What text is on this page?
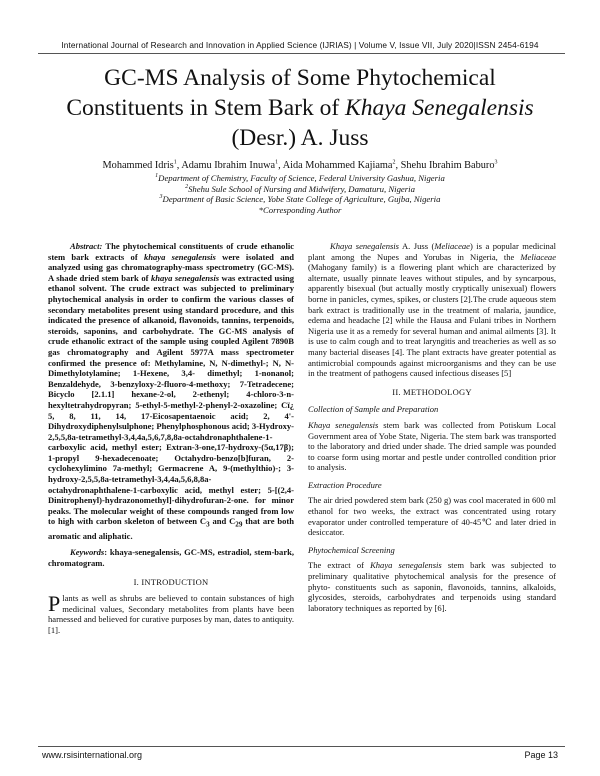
International Journal of Research and Innovation in Applied Science (IJRIAS) | Volume V, Issue VII, July 2020|ISSN 2454-6194
GC-MS Analysis of Some Phytochemical
Constituents in Stem Bark of Khaya Senegalensis
(Desr.) A. Juss
Mohammed Idris$^1$, Adamu Ibrahim Inuwa$^1$, Aida Mohammed Kajiama$^2$, Shehu Ibrahim Baburo$^3$
$^1$Department of Chemistry, Faculty of Science, Federal University Gashua, Nigeria
$^2$Shehu Sule School of Nursing and Midwifery, Damaturu, Nigeria
$^3$Department of Basic Science, Yobe State College of Agriculture, Gujba, Nigeria
*Corresponding Author

Abstract: The phytochemical constituents of crude ethanolic stem bark extracts of khaya senegalensis were isolated and analyzed using gas chromatography-mass spectrometry (GC-MS). A shade dried stem bark of khaya senegalensis was extracted using ethanol solvent. The crude extract was subjected to preliminary phytochemical analysis in order to confirm the various classes of secondary metabolites present using standard procedure, and this indicated the presence of alkanoid, flavonoids, tannins, terpenoids, steroids, saponins, and carbohydrate. The GC-MS analysis of crude ethanolic extract of the sample using coupled Agilent 7890B gas chromatography and Agilent 5977A mass spectrometer confirmed the presence of: Methylamine, N, N-dimethyl-; N, N-Dimethylotylamine; 1-Hexene, 3,4- dimethyl; 1-nonanol; Benzaldehyde, 3-benzyloxy-2-fluoro-4-methoxy; 7-Tetradecene; Bicyclo [2.1.1] hexane-2-ol, 2-ethenyl; 4-chloro-3-n-hexyltetrahydropyran; 5-ethyl-5-methyl-2-phenyl-2-oxazoline; Cï¿ 5, 8, 11, 14, 17-Eicosapentaenoic acid; 2, 4'-Dihydroxydiphenylsulphone; Phenylphosphonous acid; 3-Hydroxy-2,5,5,8a-tetramethyl-3,4,4a,5,6,7,8,8a-octahdronaphthalene-1-carboxylic acid, methyl ester; Extran-3-one,17-hydroxy-(5α,17β); 1-propyl 9-hexadecenoate; Octahydro-benzo[b]furan, 2-cyclohexylimino 7a-methyl; Germacrene A, 9-(methylthio)-; 3-hydroxy-2,5,5,8a-tetramethyl-3,4,4a,5,6,8,8a-octahydronaphthalene-1-carboxylic acid, methyl ester; 5-[(2,4-Dinitrophenyl)-hydrazonomethyl]-dihydrofuran-2-one. for minor peaks. The molecular weight of these compounds ranged from low to high with carbon skeleton of between $C_3$ and $C_{29}$ that are both aromatic and aliphatic.

Keywords: khaya-senegalensis, GC-MS, estradiol, stem-bark, chromatogram.

I. INTRODUCTION

Plants as well as shrubs are believed to contain substances of high medicinal values, Secondary metabolites from plants have been harnessed and believed for curative purposes by man, dates to antiquity. [1].

Khaya senegalensis A. Juss (Meliaceae) is a popular medicinal plant among the Nupes and Yorubas in Nigeria, the Meliaceae (Mahogany family) is a flowering plant which are characterized by alternate, usually pinnate leaves without stipules, and by syncarpous, apparently bisexual (but actually mostly cryptically unisexual) flowers borne in panicles, cymes, spikes, or clusters [2].The crude aqueous stem bark extract is traditionally use in the treatment of malaria, jaundice, edema and headache [2] while the Hausa and Fulani tribes in Northern Nigeria use it as a remedy for several human and animal ailments [3]. It is use to calm cough and to treat laryngitis and treacheries as well as so many bacterial diseases [4]. The plant extracts have greater potential as antimicrobial compounds against microorganisms and they can be use in the treatment of pathogens caused infectious diseases [5]

II. METHODOLOGY
Collection of Sample and Preparation

Khaya senegalensis stem bark was collected from Potiskum Local Government area of Yobe State, Nigeria. The stem bark was transported to the laboratory and dried under shade. The dried sample was pounded to coarse form using mortar and pestle under controlled condition prior to analysis.

Extraction Procedure

The air dried powdered stem bark (250 g) was cool macerated in 600 ml ethanol for two weeks, the extract was concentrated using rotary evaporator under controlled temperature of 40-45℃ and later dried in desiccator.

Phytochemical Screening

The extract of Khaya senegalensis stem bark was subjected to preliminary qualitative phytochemical analysis for the presence of phyto- constituents such as saponin, flavonoids, tannins, alkaloids, glycosides, steroids, carbohydrates and terpenoids using standard laboratory techniques as reported by [6].

www.rsisinternational.org	Page 13
